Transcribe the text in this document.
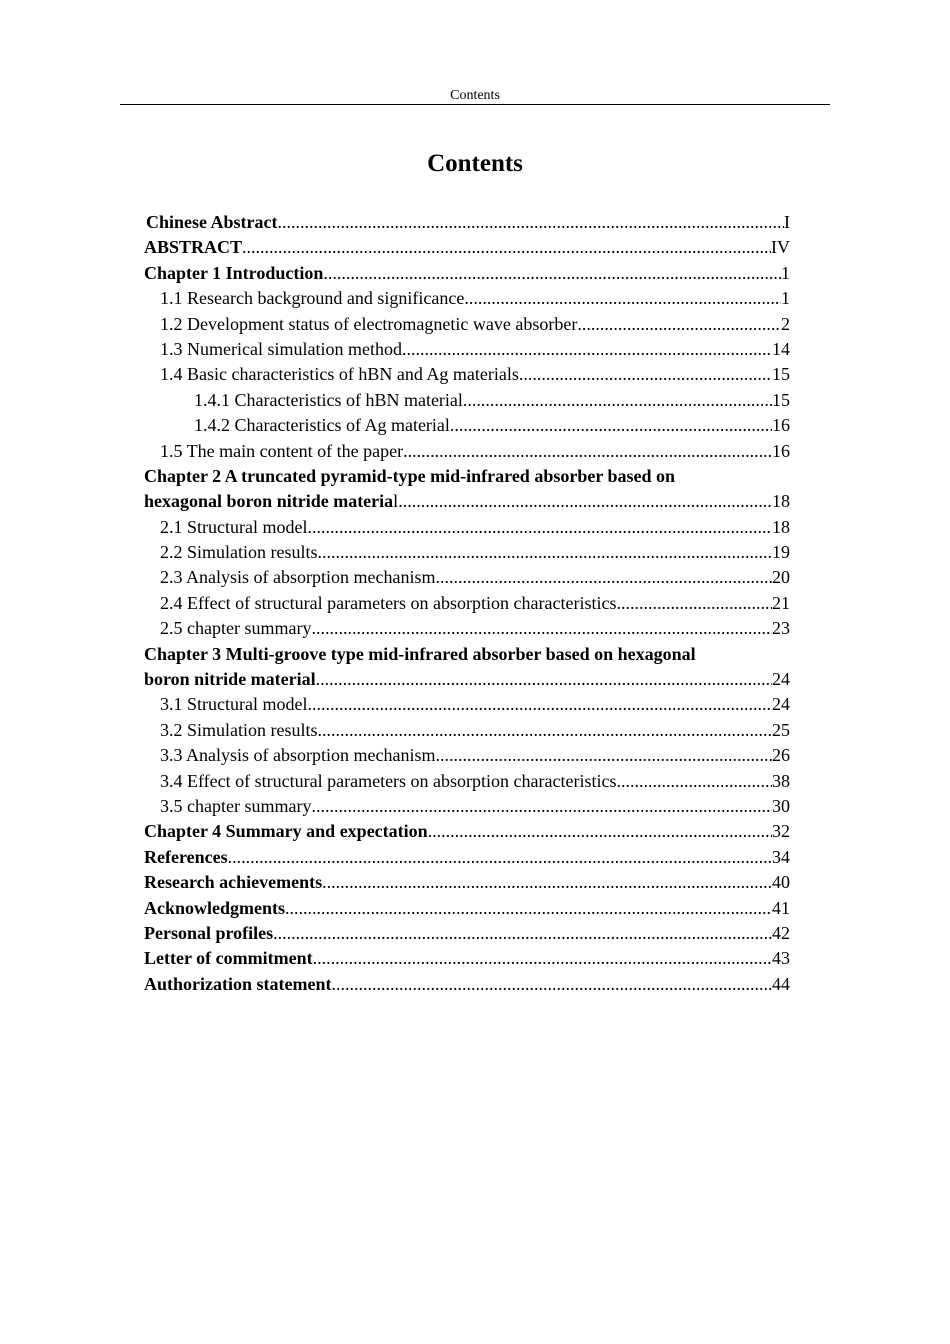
Contents
Contents
Chinese Abstract .....	I
ABSTRACT .....	IV
Chapter 1 Introduction .....	1
1.1 Research background and significance .....	1
1.2 Development status of electromagnetic wave absorber .....	2
1.3 Numerical simulation method .....	14
1.4 Basic characteristics of hBN and Ag materials .....	15
1.4.1 Characteristics of hBN material .....	15
1.4.2 Characteristics of Ag material .....	16
1.5 The main content of the paper .....	16
Chapter 2 A truncated pyramid-type mid-infrared absorber based on
hexagonal boron nitride material .....	18
2.1 Structural model .....	18
2.2 Simulation results .....	19
2.3 Analysis of absorption mechanism .....	20
2.4 Effect of structural parameters on absorption characteristics .....	21
2.5 chapter summary .....	23
Chapter 3 Multi-groove type mid-infrared absorber based on hexagonal
boron nitride material .....	24
3.1 Structural model .....	24
3.2 Simulation results .....	25
3.3 Analysis of absorption mechanism .....	26
3.4 Effect of structural parameters on absorption characteristics .....	38
3.5 chapter summary .....	30
Chapter 4 Summary and expectation .....	32
References .....	34
Research achievements .....	40
Acknowledgments .....	41
Personal profiles .....	42
Letter of commitment .....	43
Authorization statement .....	44
